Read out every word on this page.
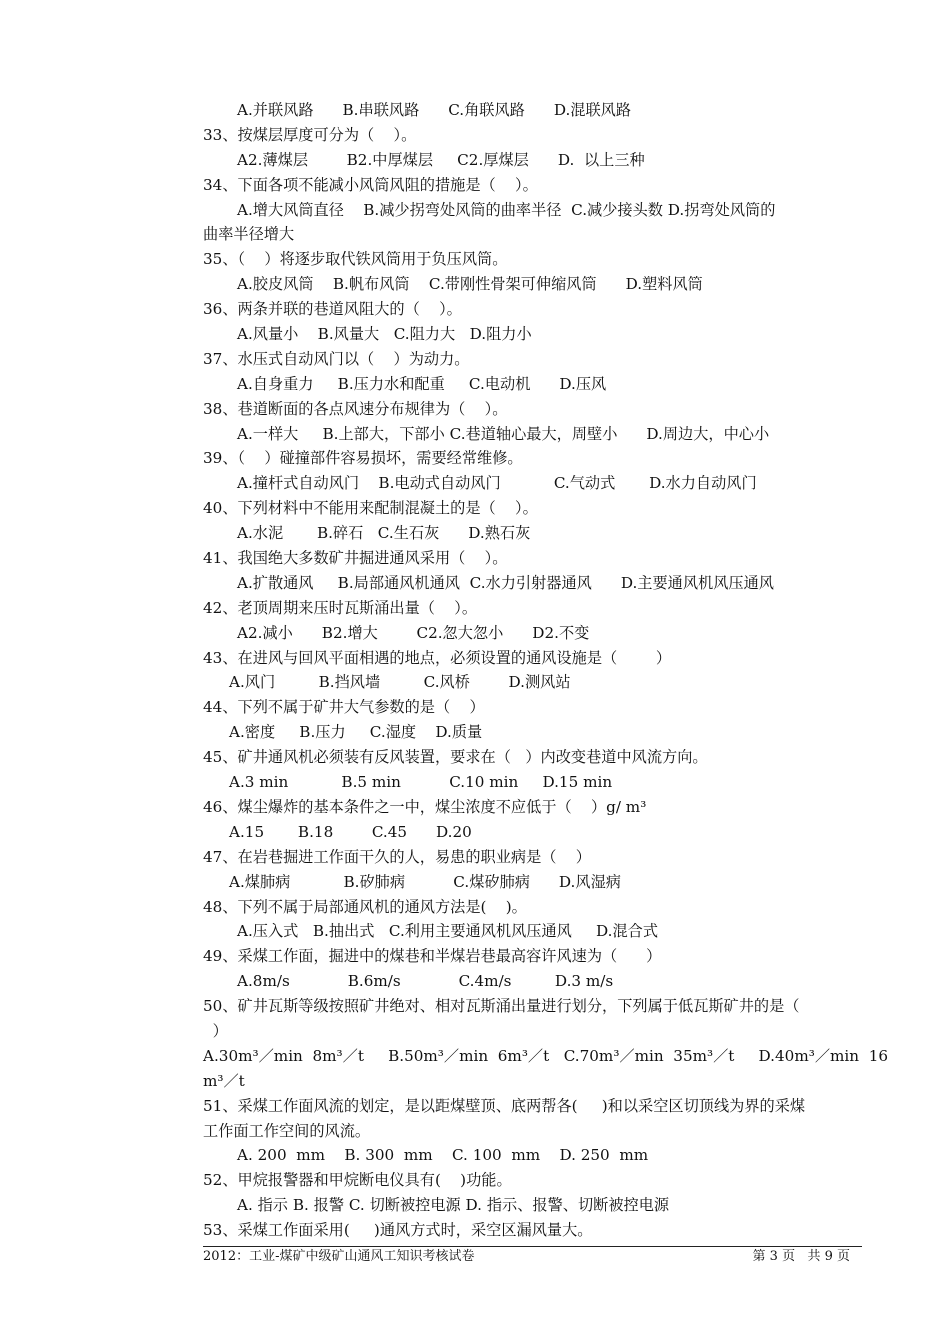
A.并联风路      B.串联风路      C.角联风路      D.混联风路
33、按煤层厚度可分为（    ）。
A2.薄煤层        B2.中厚煤层     C2.厚煤层      D.  以上三种
34、下面各项不能减小风筒风阻的措施是（    ）。
A.增大风筒直径    B.减少拐弯处风筒的曲率半径  C.减少接头数 D.拐弯处风筒的
曲率半径增大
35、（    ）将逐步取代铁风筒用于负压风筒。
A.胶皮风筒    B.帆布风筒    C.带刚性骨架可伸缩风筒      D.塑料风筒
36、两条并联的巷道风阻大的（    ）。
A.风量小    B.风量大   C.阻力大   D.阻力小
37、水压式自动风门以（    ）为动力。
A.自身重力     B.压力水和配重     C.电动机      D.压风
38、巷道断面的各点风速分布规律为（    ）。
A.一样大     B.上部大，下部小 C.巷道轴心最大，周壁小      D.周边大，中心小
39、（    ）碰撞部件容易损坏，需要经常维修。
A.撞杆式自动风门    B.电动式自动风门           C.气动式       D.水力自动风门
40、下列材料中不能用来配制混凝土的是（    ）。
A.水泥       B.碎石   C.生石灰      D.熟石灰
41、我国绝大多数矿井掘进通风采用（    ）。
A.扩散通风     B.局部通风机通风  C.水力引射器通风      D.主要通风机风压通风
42、老顶周期来压时瓦斯涌出量（    ）。
A2.减小      B2.增大        C2.忽大忽小      D2.不变
43、在进风与回风平面相遇的地点，必须设置的通风设施是（        ）
A.风门         B.挡风墙         C.风桥        D.测风站
44、下列不属于矿井大气参数的是（    ）
A.密度     B.压力     C.湿度    D.质量
45、矿井通风机必须装有反风装置，要求在（   ）内改变巷道中风流方向。
A.3 min           B.5 min          C.10 min     D.15 min
46、煤尘爆炸的基本条件之一中，煤尘浓度不应低于（    ）g/ m³
A.15       B.18        C.45      D.20
47、在岩巷掘进工作面干久的人，易患的职业病是（    ）
A.煤肺病           B.矽肺病          C.煤矽肺病      D.风湿病
48、下列不属于局部通风机的通风方法是(    )。
A.压入式   B.抽出式   C.利用主要通风机风压通风     D.混合式
49、采煤工作面，掘进中的煤巷和半煤岩巷最高容许风速为（      ）
A.8m/s            B.6m/s            C.4m/s         D.3 m/s
50、矿井瓦斯等级按照矿井绝对、相对瓦斯涌出量进行划分，下列属于低瓦斯矿井的是（
）
A.30m³／min  8m³／t     B.50m³／min  6m³／t   C.70m³／min  35m³／t     D.40m³／min  16
m³／t
51、采煤工作面风流的划定，是以距煤壁顶、底两帮各(     )和以采空区切顶线为界的采煤
工作面工作空间的风流。
A. 200  mm    B. 300  mm    C. 100  mm    D. 250  mm
52、甲烷报警器和甲烷断电仪具有(    )功能。
A. 指示 B. 报警 C. 切断被控电源 D. 指示、报警、切断被控电源
53、采煤工作面采用(     )通风方式时，采空区漏风量大。

2012：工业-煤矿中级矿山通风工知识考核试卷

	第 3 页   共 9 页
